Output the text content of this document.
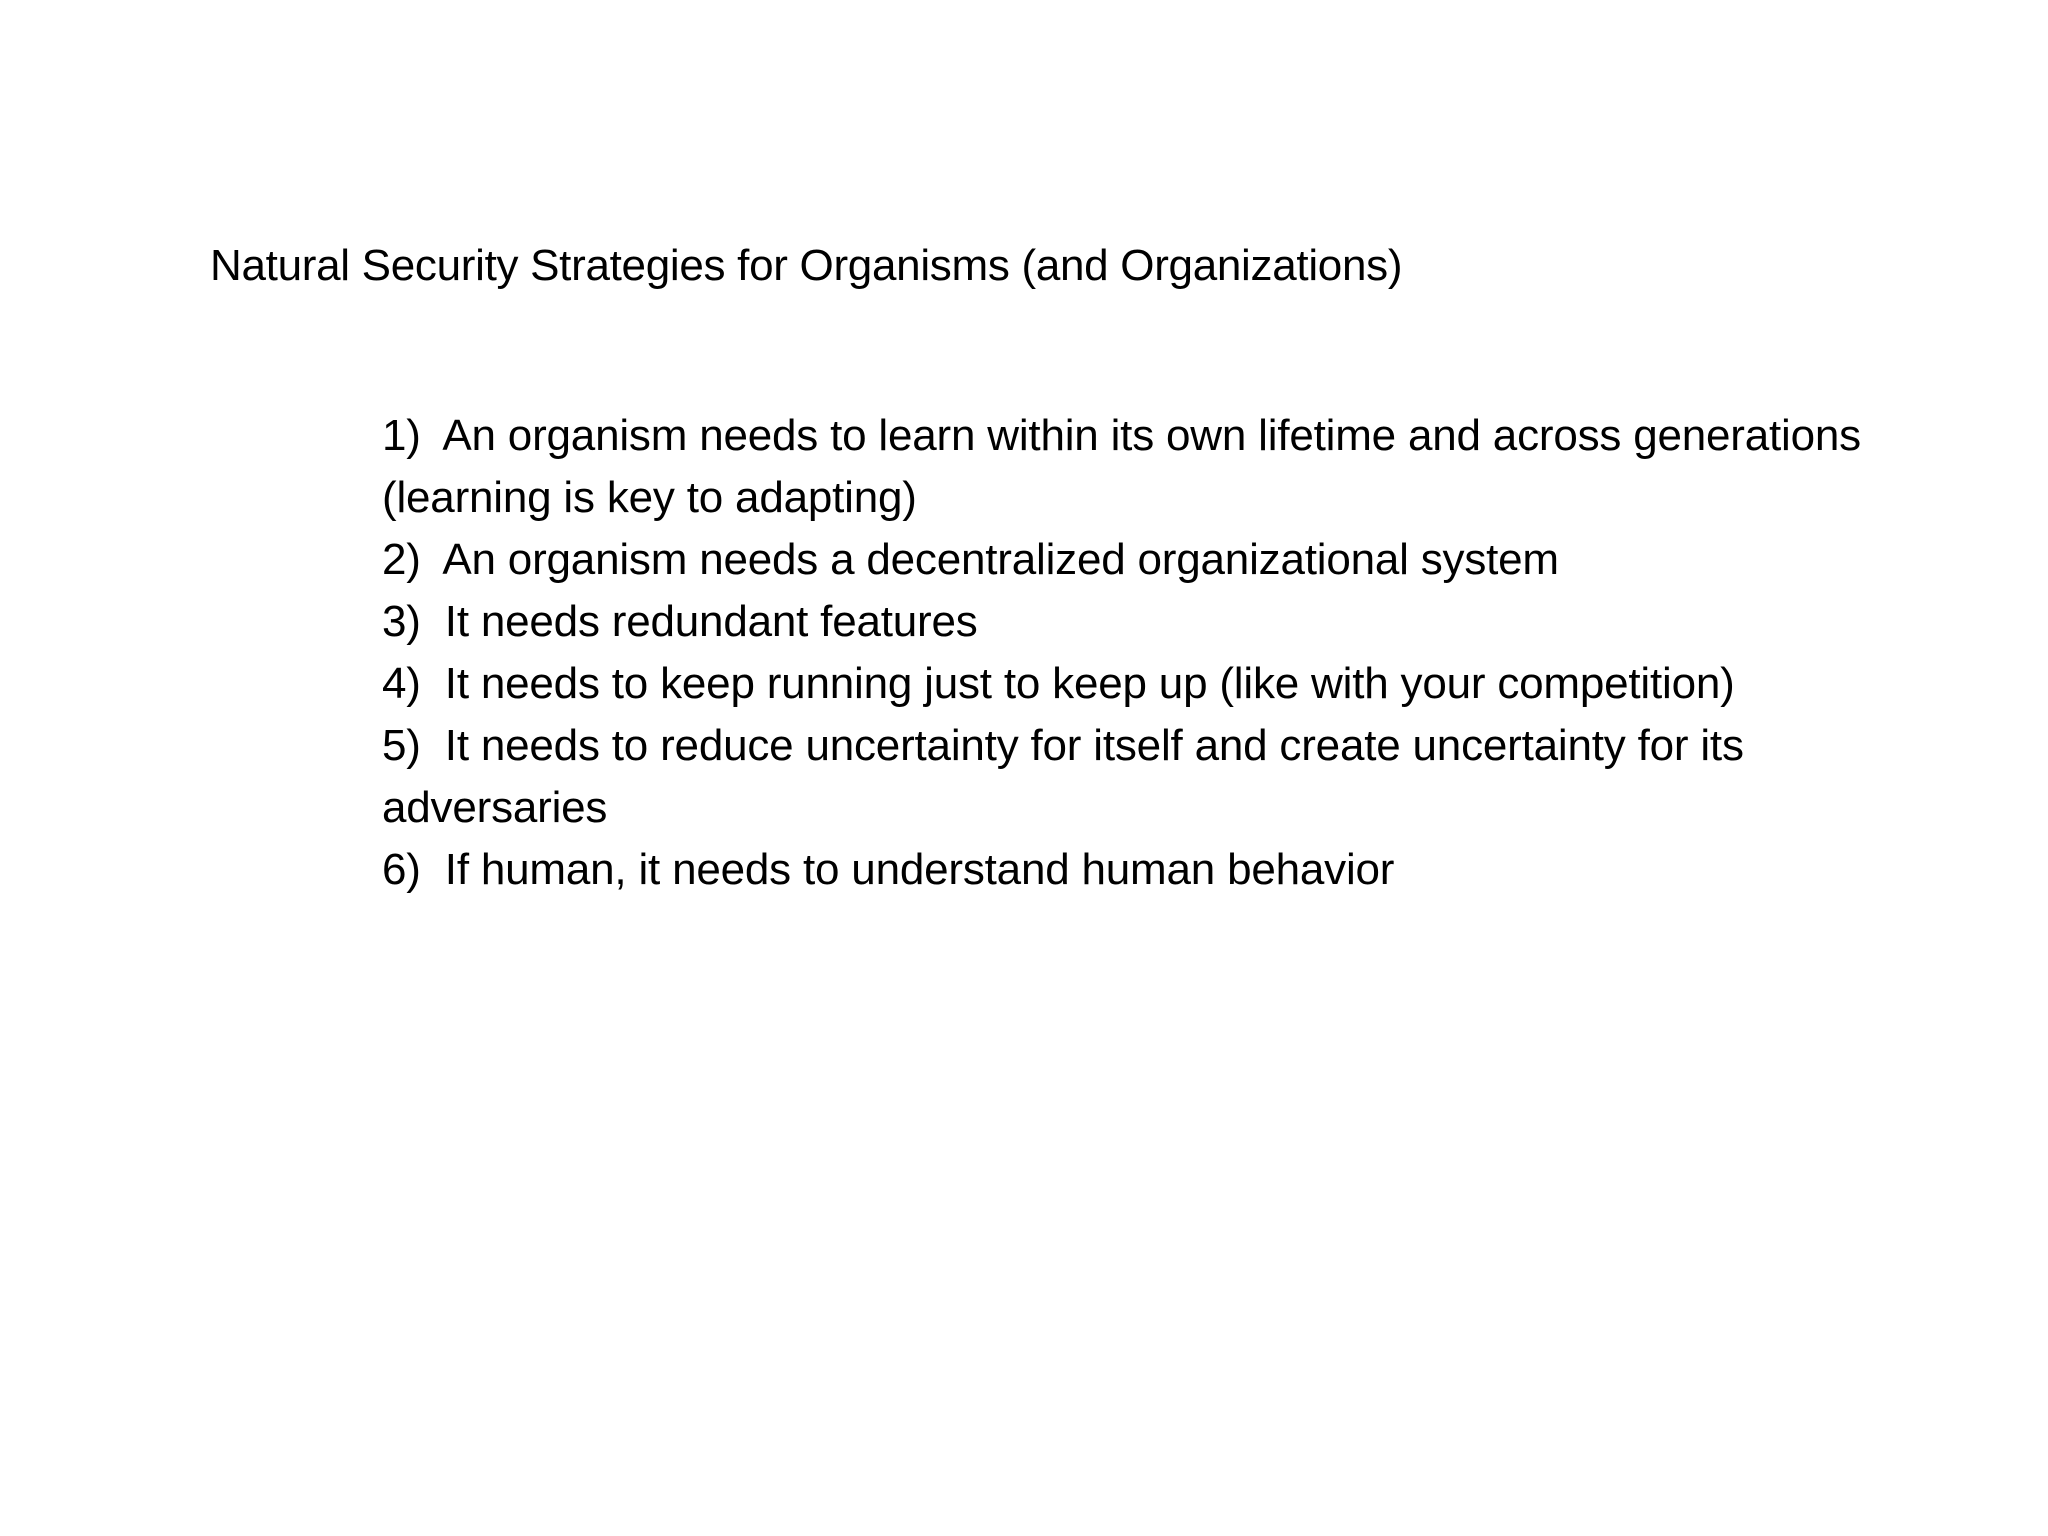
Natural Security Strategies for Organisms (and Organizations)
1) An organism needs to learn within its own lifetime and across generations (learning is key to adapting)
2) An organism needs a decentralized organizational system
3) It needs redundant features
4) It needs to keep running just to keep up (like with your competition)
5) It needs to reduce uncertainty for itself and create uncertainty for its adversaries
6) If human, it needs to understand human behavior
